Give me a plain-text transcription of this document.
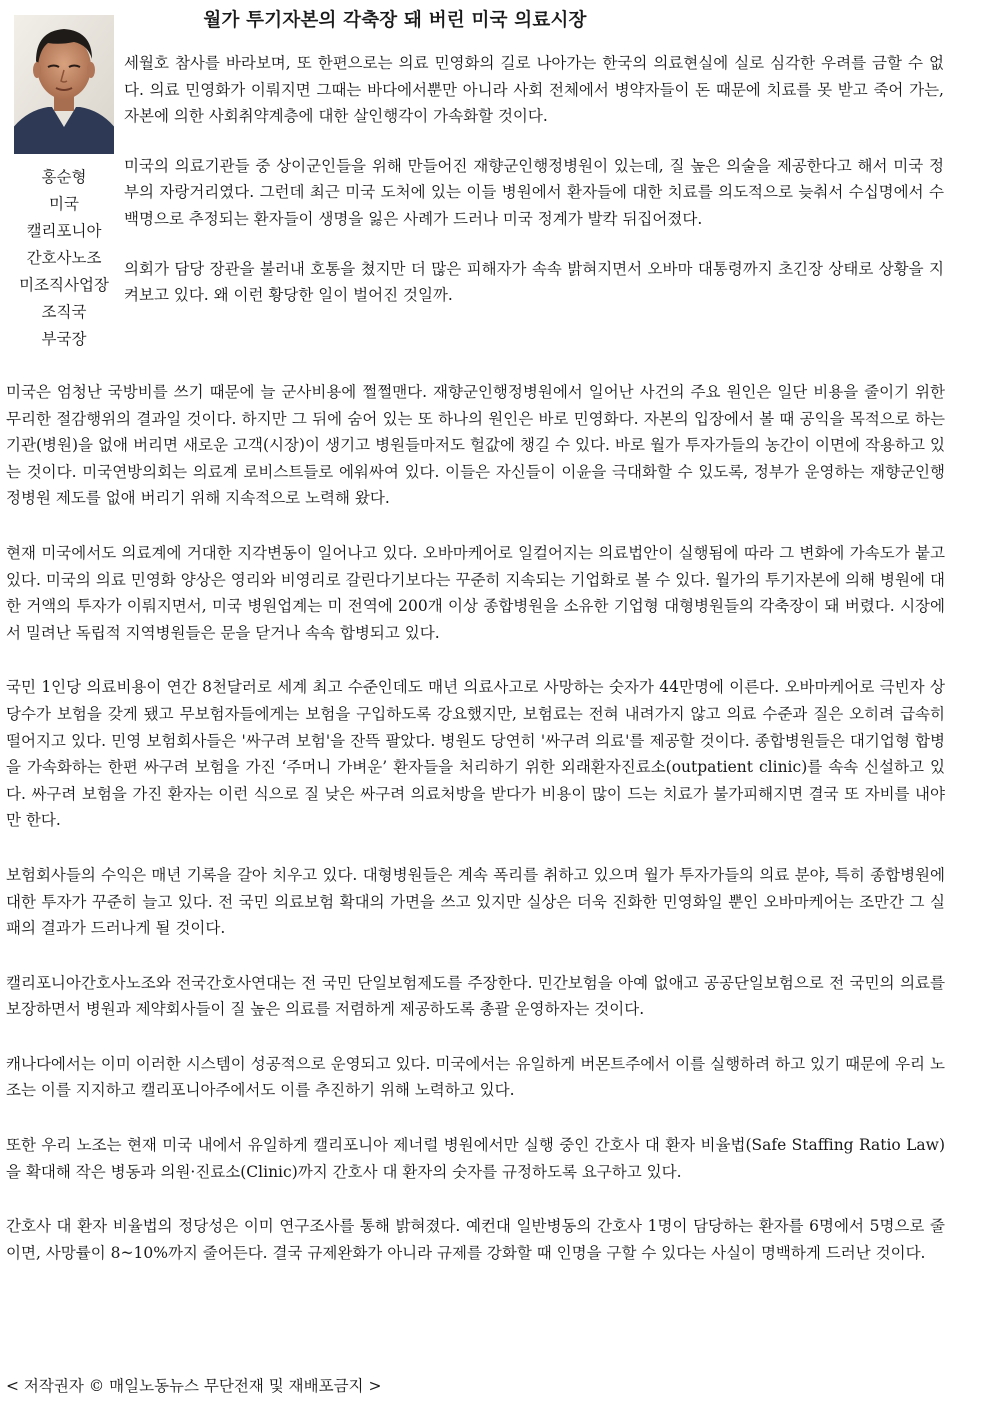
월가 투기자본의 각축장 돼 버린 미국 의료시장
홍순형
미국
캘리포니아
간호사노조
미조직사업장
조직국
부국장

세월호 참사를 바라보며, 또 한편으로는 의료 민영화의 길로 나아가는 한국의 의료현실에 실로 심각한 우려를 금할 수 없다. 의료 민영화가 이뤄지면 그때는 바다에서뿐만 아니라 사회 전체에서 병약자들이 돈 때문에 치료를 못 받고 죽어 가는, 자본에 의한 사회취약계층에 대한 살인행각이 가속화할 것이다.

미국의 의료기관들 중 상이군인들을 위해 만들어진 재향군인행정병원이 있는데, 질 높은 의술을 제공한다고 해서 미국 정부의 자랑거리였다. 그런데 최근 미국 도처에 있는 이들 병원에서 환자들에 대한 치료를 의도적으로 늦춰서 수십명에서 수백명으로 추정되는 환자들이 생명을 잃은 사례가 드러나 미국 정계가 발칵 뒤집어졌다.

의회가 담당 장관을 불러내 호통을 쳤지만 더 많은 피해자가 속속 밝혀지면서 오바마 대통령까지 초긴장 상태로 상황을 지켜보고 있다. 왜 이런 황당한 일이 벌어진 것일까.

미국은 엄청난 국방비를 쓰기 때문에 늘 군사비용에 쩔쩔맨다. 재향군인행정병원에서 일어난 사건의 주요 원인은 일단 비용을 줄이기 위한 무리한 절감행위의 결과일 것이다. 하지만 그 뒤에 숨어 있는 또 하나의 원인은 바로 민영화다. 자본의 입장에서 볼 때 공익을 목적으로 하는 기관(병원)을 없애 버리면 새로운 고객(시장)이 생기고 병원들마저도 헐값에 챙길 수 있다. 바로 월가 투자가들의 농간이 이면에 작용하고 있는 것이다. 미국연방의회는 의료계 로비스트들로 에워싸여 있다. 이들은 자신들이 이윤을 극대화할 수 있도록, 정부가 운영하는 재향군인행정병원 제도를 없애 버리기 위해 지속적으로 노력해 왔다.

현재 미국에서도 의료계에 거대한 지각변동이 일어나고 있다. 오바마케어로 일컬어지는 의료법안이 실행됨에 따라 그 변화에 가속도가 붙고 있다. 미국의 의료 민영화 양상은 영리와 비영리로 갈린다기보다는 꾸준히 지속되는 기업화로 볼 수 있다. 월가의 투기자본에 의해 병원에 대한 거액의 투자가 이뤄지면서, 미국 병원업계는 미 전역에 200개 이상 종합병원을 소유한 기업형 대형병원들의 각축장이 돼 버렸다. 시장에서 밀려난 독립적 지역병원들은 문을 닫거나 속속 합병되고 있다.

국민 1인당 의료비용이 연간 8천달러로 세계 최고 수준인데도 매년 의료사고로 사망하는 숫자가 44만명에 이른다. 오바마케어로 극빈자 상당수가 보험을 갖게 됐고 무보험자들에게는 보험을 구입하도록 강요했지만, 보험료는 전혀 내려가지 않고 의료 수준과 질은 오히려 급속히 떨어지고 있다. 민영 보험회사들은 '싸구려 보험'을 잔뜩 팔았다. 병원도 당연히 '싸구려 의료'를 제공할 것이다. 종합병원들은 대기업형 합병을 가속화하는 한편 싸구려 보험을 가진 ‘주머니 가벼운’ 환자들을 처리하기 위한 외래환자진료소(outpatient clinic)를 속속 신설하고 있다. 싸구려 보험을 가진 환자는 이런 식으로 질 낮은 싸구려 의료처방을 받다가 비용이 많이 드는 치료가 불가피해지면 결국 또 자비를 내야만 한다.

보험회사들의 수익은 매년 기록을 갈아 치우고 있다. 대형병원들은 계속 폭리를 취하고 있으며 월가 투자가들의 의료 분야, 특히 종합병원에 대한 투자가 꾸준히 늘고 있다. 전 국민 의료보험 확대의 가면을 쓰고 있지만 실상은 더욱 진화한 민영화일 뿐인 오바마케어는 조만간 그 실패의 결과가 드러나게 될 것이다.

캘리포니아간호사노조와 전국간호사연대는 전 국민 단일보험제도를 주장한다. 민간보험을 아예 없애고 공공단일보험으로 전 국민의 의료를 보장하면서 병원과 제약회사들이 질 높은 의료를 저렴하게 제공하도록 총괄 운영하자는 것이다.

캐나다에서는 이미 이러한 시스템이 성공적으로 운영되고 있다. 미국에서는 유일하게 버몬트주에서 이를 실행하려 하고 있기 때문에 우리 노조는 이를 지지하고 캘리포니아주에서도 이를 추진하기 위해 노력하고 있다.

또한 우리 노조는 현재 미국 내에서 유일하게 캘리포니아 제너럴 병원에서만 실행 중인 간호사 대 환자 비율법(Safe Staffing Ratio Law)을 확대해 작은 병동과 의원·진료소(Clinic)까지 간호사 대 환자의 숫자를 규정하도록 요구하고 있다.

간호사 대 환자 비율법의 정당성은 이미 연구조사를 통해 밝혀졌다. 예컨대 일반병동의 간호사 1명이 담당하는 환자를 6명에서 5명으로 줄이면, 사망률이 8~10%까지 줄어든다. 결국 규제완화가 아니라 규제를 강화할 때 인명을 구할 수 있다는 사실이 명백하게 드러난 것이다.

< 저작권자 © 매일노동뉴스 무단전재 및 재배포금지 >
